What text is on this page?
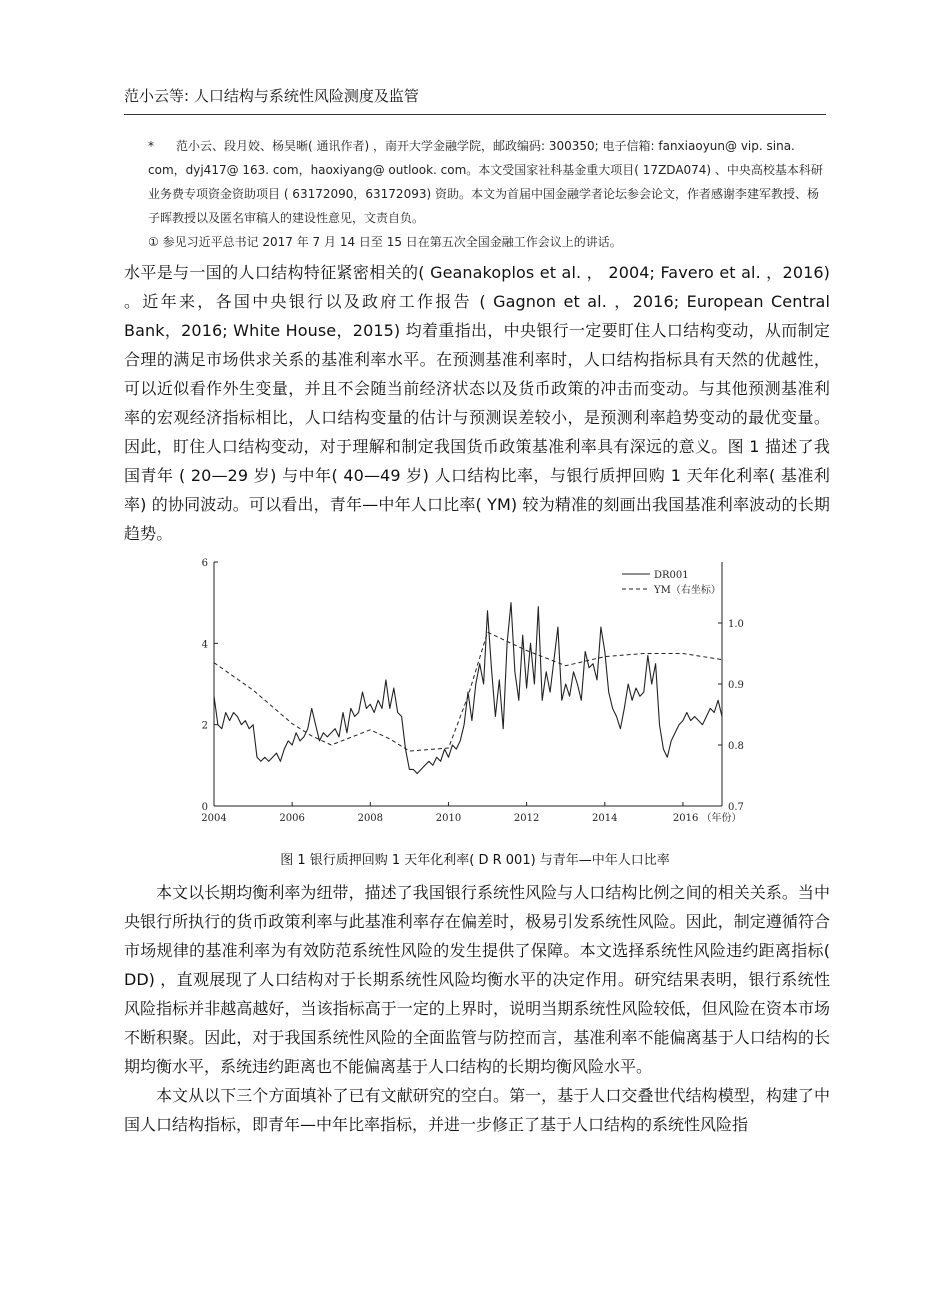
范小云等: 人口结构与系统性风险测度及监管
* 范小云、段月姣、杨昊晰( 通讯作者) ，南开大学金融学院，邮政编码: 300350; 电子信箱: fanxiaoyun@ vip. sina. com，dyj417@ 163. com，haoxiyang@ outlook. com。本文受国家社科基金重大项目( 17ZDA074) 、中央高校基本科研业务费专项资金资助项目 ( 63172090，63172093) 资助。本文为首届中国金融学者论坛参会论文，作者感谢李建军教授、杨子晖教授以及匿名审稿人的建设性意见，文责自负。
① 参见习近平总书记 2017 年 7 月 14 日至 15 日在第五次全国金融工作会议上的讲话。
水平是与一国的人口结构特征紧密相关的( Geanakoplos et al. ， 2004; Favero et al. ，2016) 。近年来，各国中央银行以及政府工作报告 ( Gagnon et al. ，2016; European Central Bank，2016; White House，2015) 均着重指出，中央银行一定要盯住人口结构变动，从而制定合理的满足市场供求关系的基准利率水平。在预测基准利率时，人口结构指标具有天然的优越性，可以近似看作外生变量，并且不会随当前经济状态以及货币政策的冲击而变动。与其他预测基准利率的宏观经济指标相比，人口结构变量的估计与预测误差较小，是预测利率趋势变动的最优变量。因此，盯住人口结构变动，对于理解和制定我国货币政策基准利率具有深远的意义。图 1 描述了我国青年 ( 20—29 岁) 与中年( 40—49 岁) 人口结构比率，与银行质押回购 1 天年化利率( 基准利率) 的协同波动。可以看出，青年—中年人口比率( YM) 较为精准的刻画出我国基准利率波动的长期趋势。
0
2
4
6
0.7
0.8
0.9
1.0
2004	2006	2008	2010	2012	2014	2016 （年份）
DR001
YM（右坐标）
图 1 银行质押回购 1 天年化利率( D R 001) 与青年—中年人口比率

本文以长期均衡利率为纽带，描述了我国银行系统性风险与人口结构比例之间的相关关系。当中央银行所执行的货币政策利率与此基准利率存在偏差时，极易引发系统性风险。因此，制定遵循符合市场规律的基准利率为有效防范系统性风险的发生提供了保障。本文选择系统性风险违约距离指标( DD) ，直观展现了人口结构对于长期系统性风险均衡水平的决定作用。研究结果表明，银行系统性风险指标并非越高越好，当该指标高于一定的上界时，说明当期系统性风险较低，但风险在资本市场不断积聚。因此，对于我国系统性风险的全面监管与防控而言，基准利率不能偏离基于人口结构的长期均衡水平，系统违约距离也不能偏离基于人口结构的长期均衡风险水平。

本文从以下三个方面填补了已有文献研究的空白。第一，基于人口交叠世代结构模型，构建了中国人口结构指标，即青年—中年比率指标，并进一步修正了基于人口结构的系统性风险指
